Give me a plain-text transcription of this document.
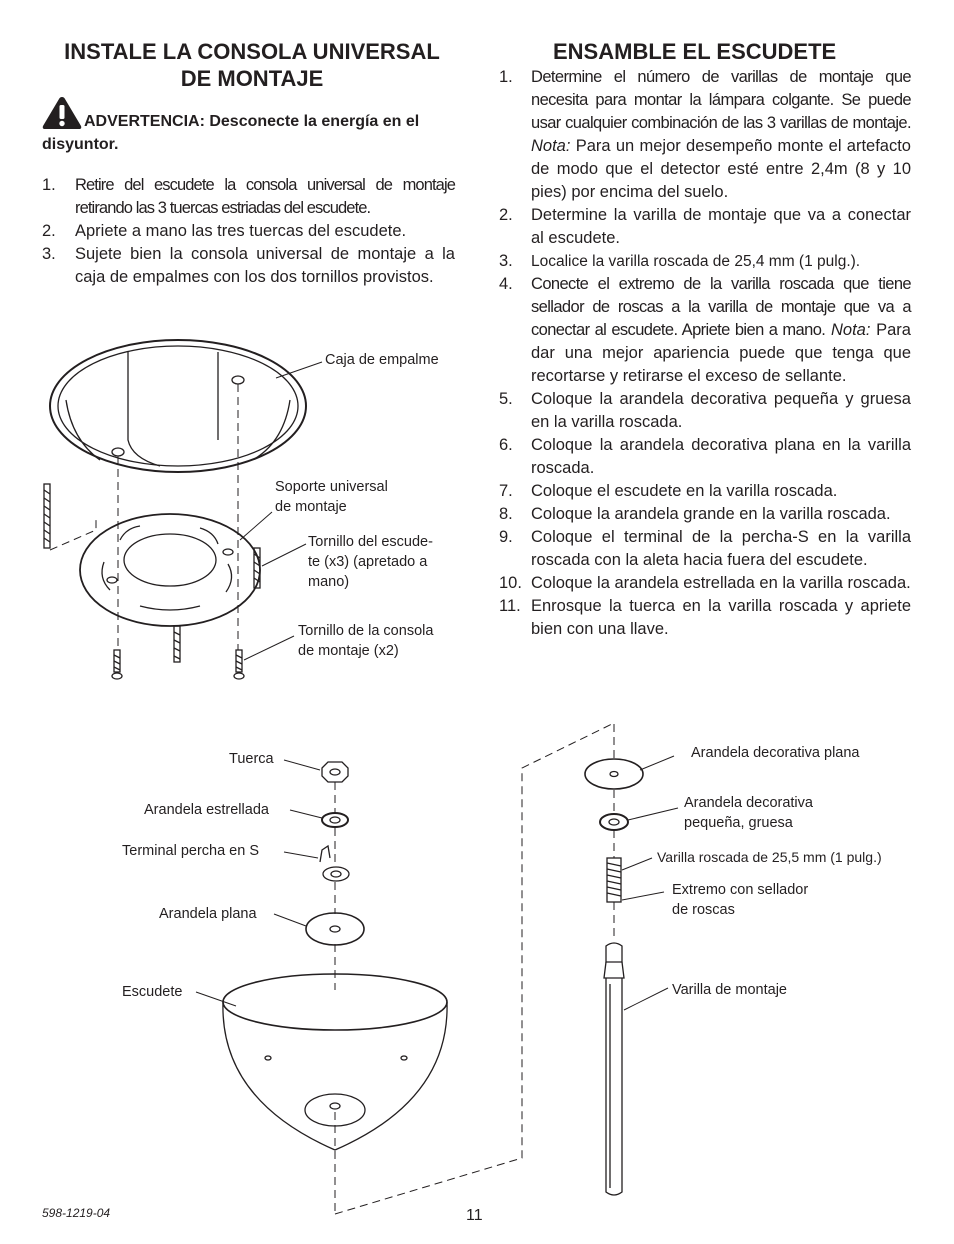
INSTALE LA CONSOLA UNIVERSAL
DE MONTAJE
ENSAMBLE EL ESCUDETE
ADVERTENCIA: Desconecte la energía en el disyuntor.
1. Retire del escudete la consola universal de montaje retirando las 3 tuercas estriadas del escudete.
2. Apriete a mano las tres tuercas del escudete.
3. Sujete bien la consola universal de montaje a la caja de empalmes con los dos tornillos provistos.
1. Determine el número de varillas de montaje que necesita para montar la lámpara colgante. Se puede usar cualquier combinación de las 3 varillas de montaje. Nota: Para un mejor desempeño monte el artefacto de modo que el detector esté entre 2,4m (8 y 10 pies) por encima del suelo.
2. Determine la varilla de montaje que va a conectar al escudete.
3. Localice la varilla roscada de 25,4 mm (1 pulg.).
4. Conecte el extremo de la varilla roscada que tiene sellador de roscas a la varilla de montaje que va a conectar al escudete. Apriete bien a mano. Nota: Para dar una mejor apariencia puede que tenga que recortarse y retirarse el exceso de sellante.
5. Coloque la arandela decorativa pequeña y gruesa en la varilla roscada.
6. Coloque la arandela decorativa plana en la varilla roscada.
7. Coloque el escudete en la varilla roscada.
8. Coloque la arandela grande en la varilla roscada.
9. Coloque el terminal de la percha-S en la varilla roscada con la aleta hacia fuera del escudete.
10. Coloque la arandela estrellada en la varilla roscada.
11. Enrosque la tuerca en la varilla roscada y apriete bien con una llave.
Caja de empalme
Soporte universal
de montaje
Tornillo del escude-
te (x3) (apretado a
mano)
Tornillo de la consola
de montaje (x2)
Tuerca
Arandela estrellada
Terminal percha en S
Arandela plana
Escudete
Arandela decorativa plana
Arandela decorativa
pequeña, gruesa
Varilla roscada de 25,5 mm (1 pulg.)
Extremo con sellador
de roscas
Varilla de montaje
598-1219-04	11
